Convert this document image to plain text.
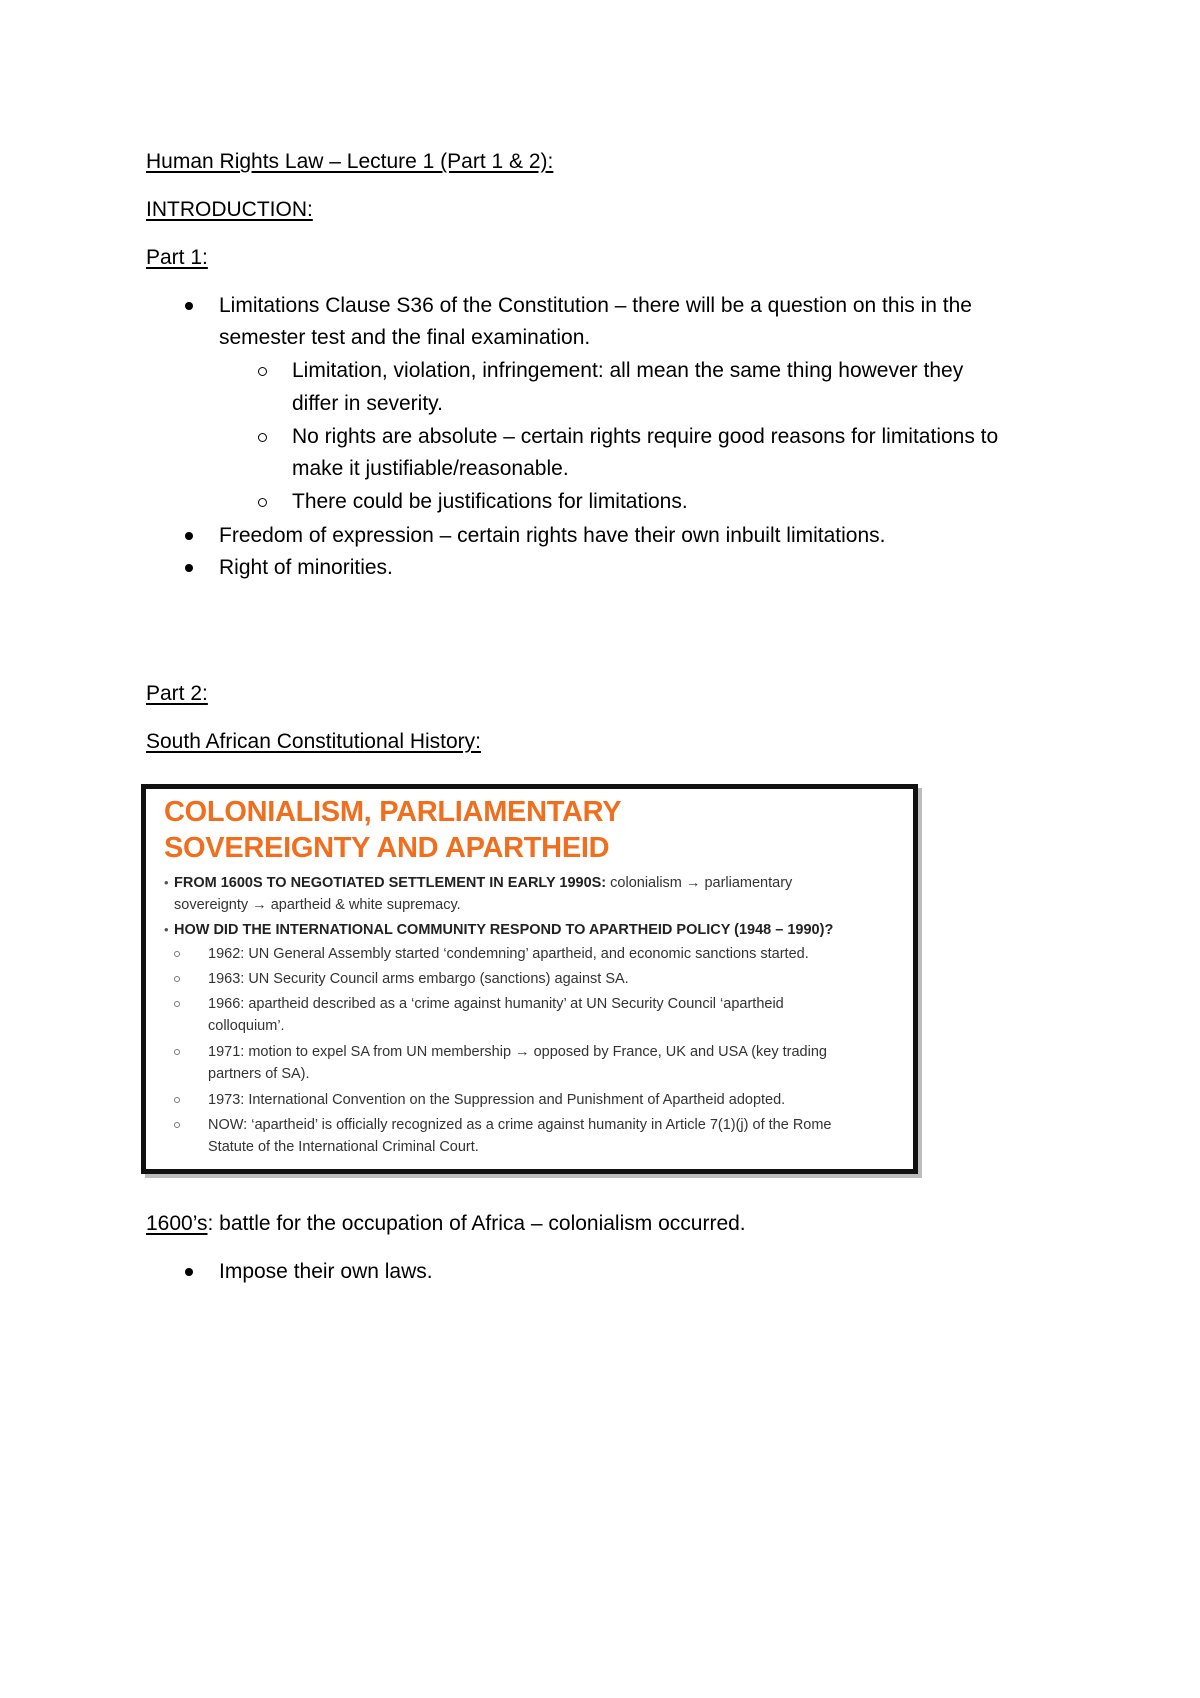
Human Rights Law – Lecture 1 (Part 1 & 2):
INTRODUCTION:
Part 1:
Limitations Clause S36 of the Constitution – there will be a question on this in the
semester test and the final examination.
Limitation, violation, infringement: all mean the same thing however they
differ in severity.
No rights are absolute – certain rights require good reasons for limitations to
make it justifiable/reasonable.
There could be justifications for limitations.
Freedom of expression – certain rights have their own inbuilt limitations.
Right of minorities.
Part 2:
South African Constitutional History:
COLONIALISM, PARLIAMENTARY
SOVEREIGNTY AND APARTHEID
• FROM 1600S TO NEGOTIATED SETTLEMENT IN EARLY 1990S: colonialism → parliamentary
sovereignty → apartheid & white supremacy.
• HOW DID THE INTERNATIONAL COMMUNITY RESPOND TO APARTHEID POLICY (1948 – 1990)?
1962: UN General Assembly started ‘condemning’ apartheid, and economic sanctions started.
1963: UN Security Council arms embargo (sanctions) against SA.
1966: apartheid described as a ‘crime against humanity’ at UN Security Council ‘apartheid
colloquium’.
1971: motion to expel SA from UN membership → opposed by France, UK and USA (key trading
partners of SA).
1973: International Convention on the Suppression and Punishment of Apartheid adopted.
NOW: ‘apartheid’ is officially recognized as a crime against humanity in Article 7(1)(j) of the Rome
Statute of the International Criminal Court.
1600’s: battle for the occupation of Africa – colonialism occurred.
Impose their own laws.
